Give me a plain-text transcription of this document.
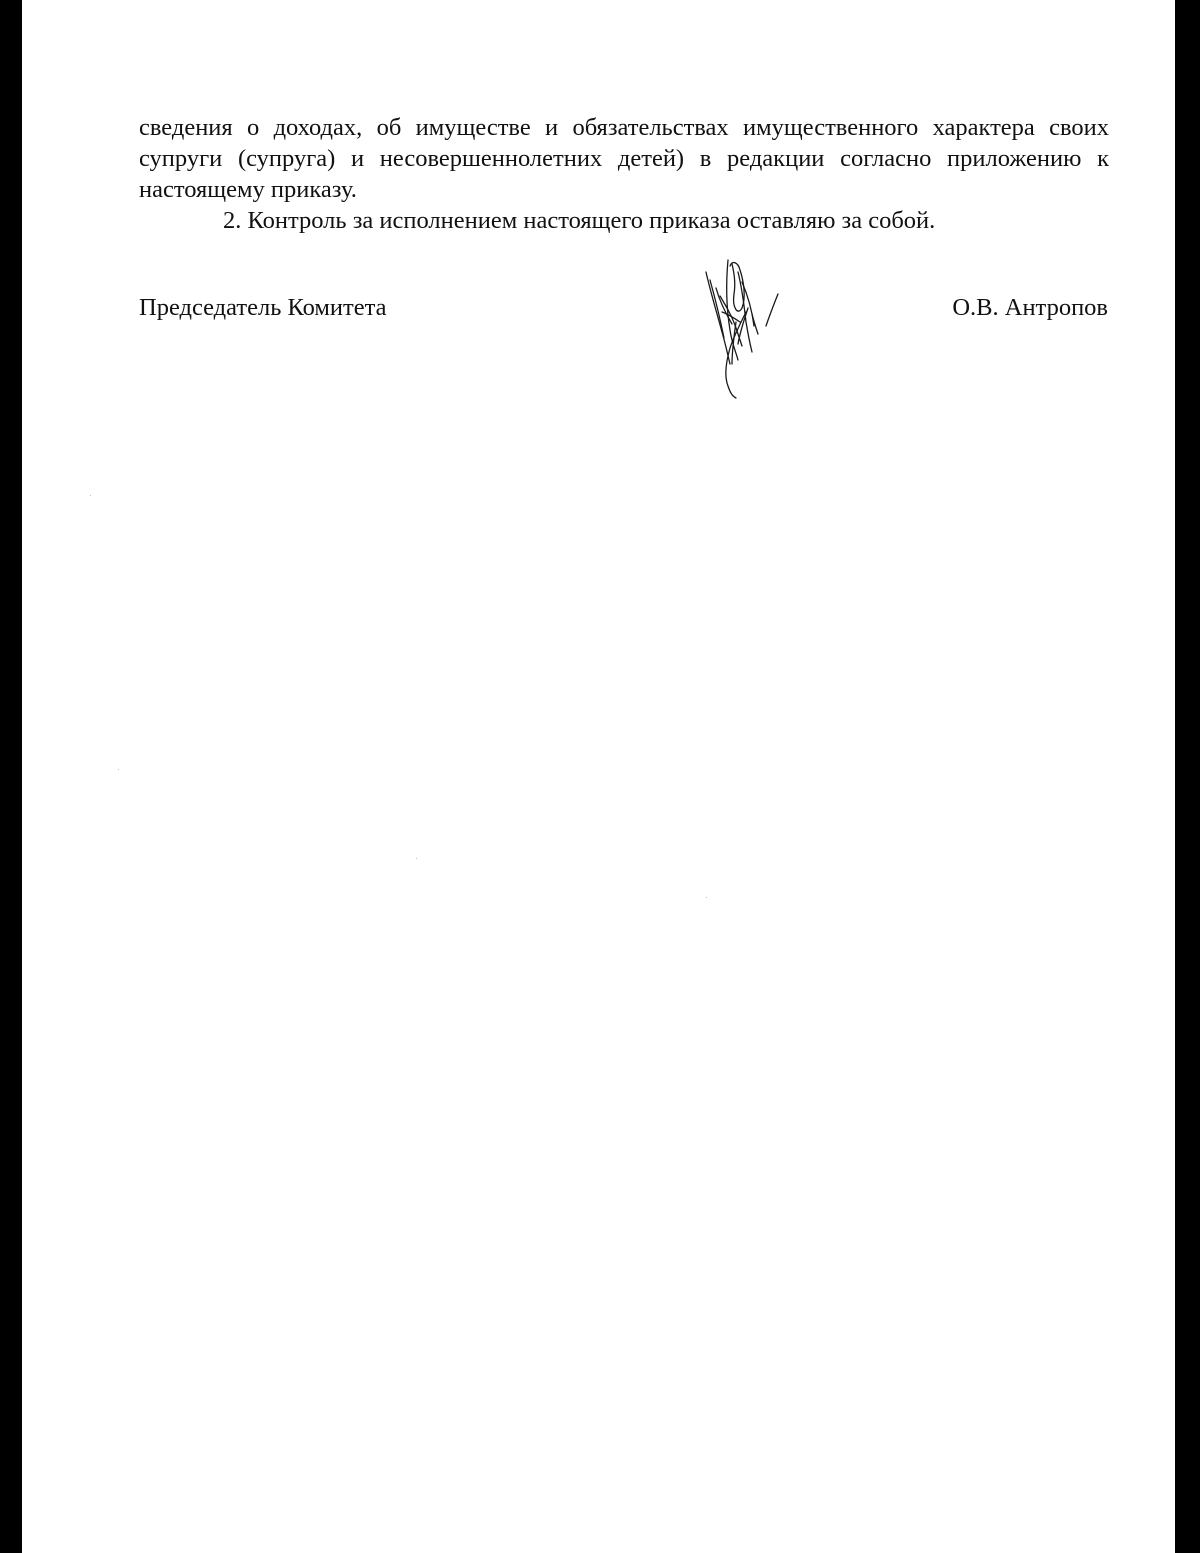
сведения о доходах, об имуществе и обязательствах имущественного характера своих супруги (супруга) и несовершеннолетних детей) в редакции согласно приложению к настоящему приказу.

2. Контроль за исполнением настоящего приказа оставляю за собой.

Председатель Комитета	О.В. Антропов
